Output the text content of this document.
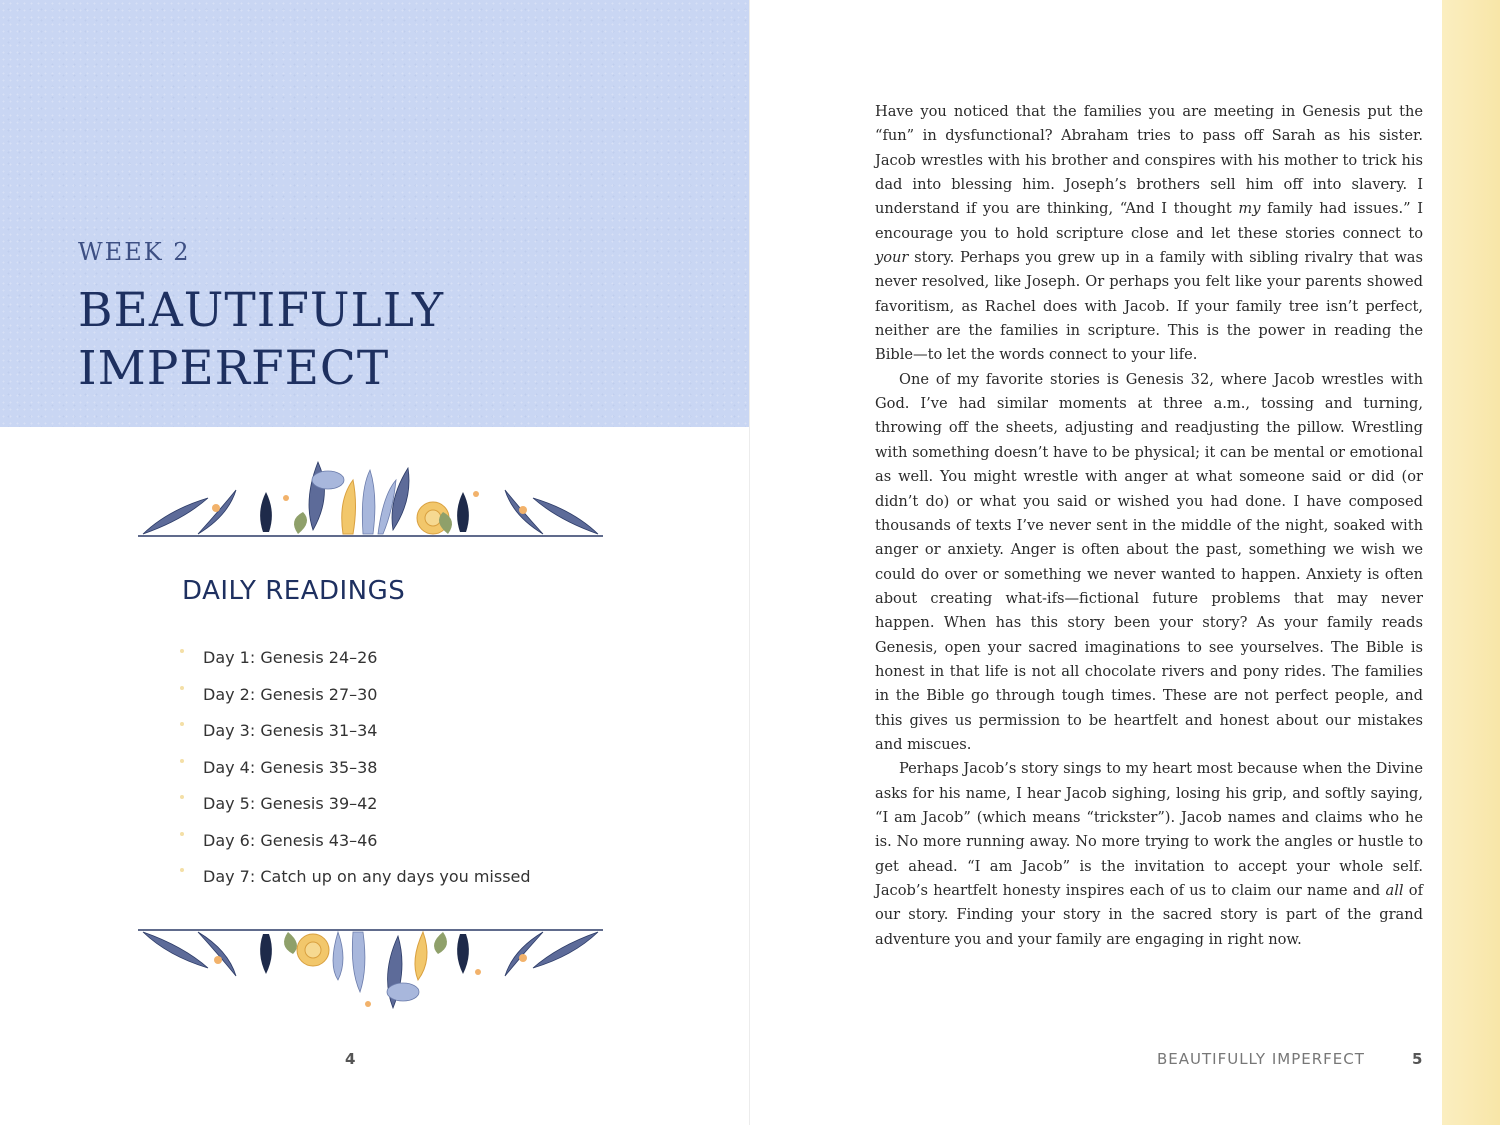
WEEK 2
BEAUTIFULLY
IMPERFECT
DAILY READINGS
Day 1: Genesis 24–26
Day 2: Genesis 27–30
Day 3: Genesis 31–34
Day 4: Genesis 35–38
Day 5: Genesis 39–42
Day 6: Genesis 43–46
Day 7: Catch up on any days you missed
4

Have you noticed that the families you are meeting in Genesis put the “fun” in dysfunctional? Abraham tries to pass off Sarah as his sister. Jacob wrestles with his brother and conspires with his mother to trick his dad into blessing him. Joseph’s brothers sell him off into slavery. I understand if you are thinking, “And I thought my family had issues.” I encourage you to hold scripture close and let these stories connect to your story. Perhaps you grew up in a family with sibling rivalry that was never resolved, like Joseph. Or perhaps you felt like your parents showed favoritism, as Rachel does with Jacob. If your family tree isn’t perfect, neither are the families in scripture. This is the power in reading the Bible—to let the words connect to your life.

One of my favorite stories is Genesis 32, where Jacob wrestles with God. I’ve had similar moments at three a.m., tossing and turning, throwing off the sheets, adjusting and readjusting the pillow. Wrestling with something doesn’t have to be physical; it can be mental or emotional as well. You might wrestle with anger at what someone said or did (or didn’t do) or what you said or wished you had done. I have composed thousands of texts I’ve never sent in the middle of the night, soaked with anger or anxiety. Anger is often about the past, something we wish we could do over or something we never wanted to happen. Anxiety is often about creating what-ifs—fictional future problems that may never happen. When has this story been your story? As your family reads Genesis, open your sacred imaginations to see yourselves. The Bible is honest in that life is not all chocolate rivers and pony rides. The families in the Bible go through tough times. These are not perfect people, and this gives us permission to be heartfelt and honest about our mistakes and miscues.

Perhaps Jacob’s story sings to my heart most because when the Divine asks for his name, I hear Jacob sighing, losing his grip, and softly saying, “I am Jacob” (which means “trickster”). Jacob names and claims who he is. No more running away. No more trying to work the angles or hustle to get ahead. “I am Jacob” is the invitation to accept your whole self. Jacob’s heartfelt honesty inspires each of us to claim our name and all of our story. Finding your story in the sacred story is part of the grand adventure you and your family are engaging in right now.

BEAUTIFULLY IMPERFECT	5
